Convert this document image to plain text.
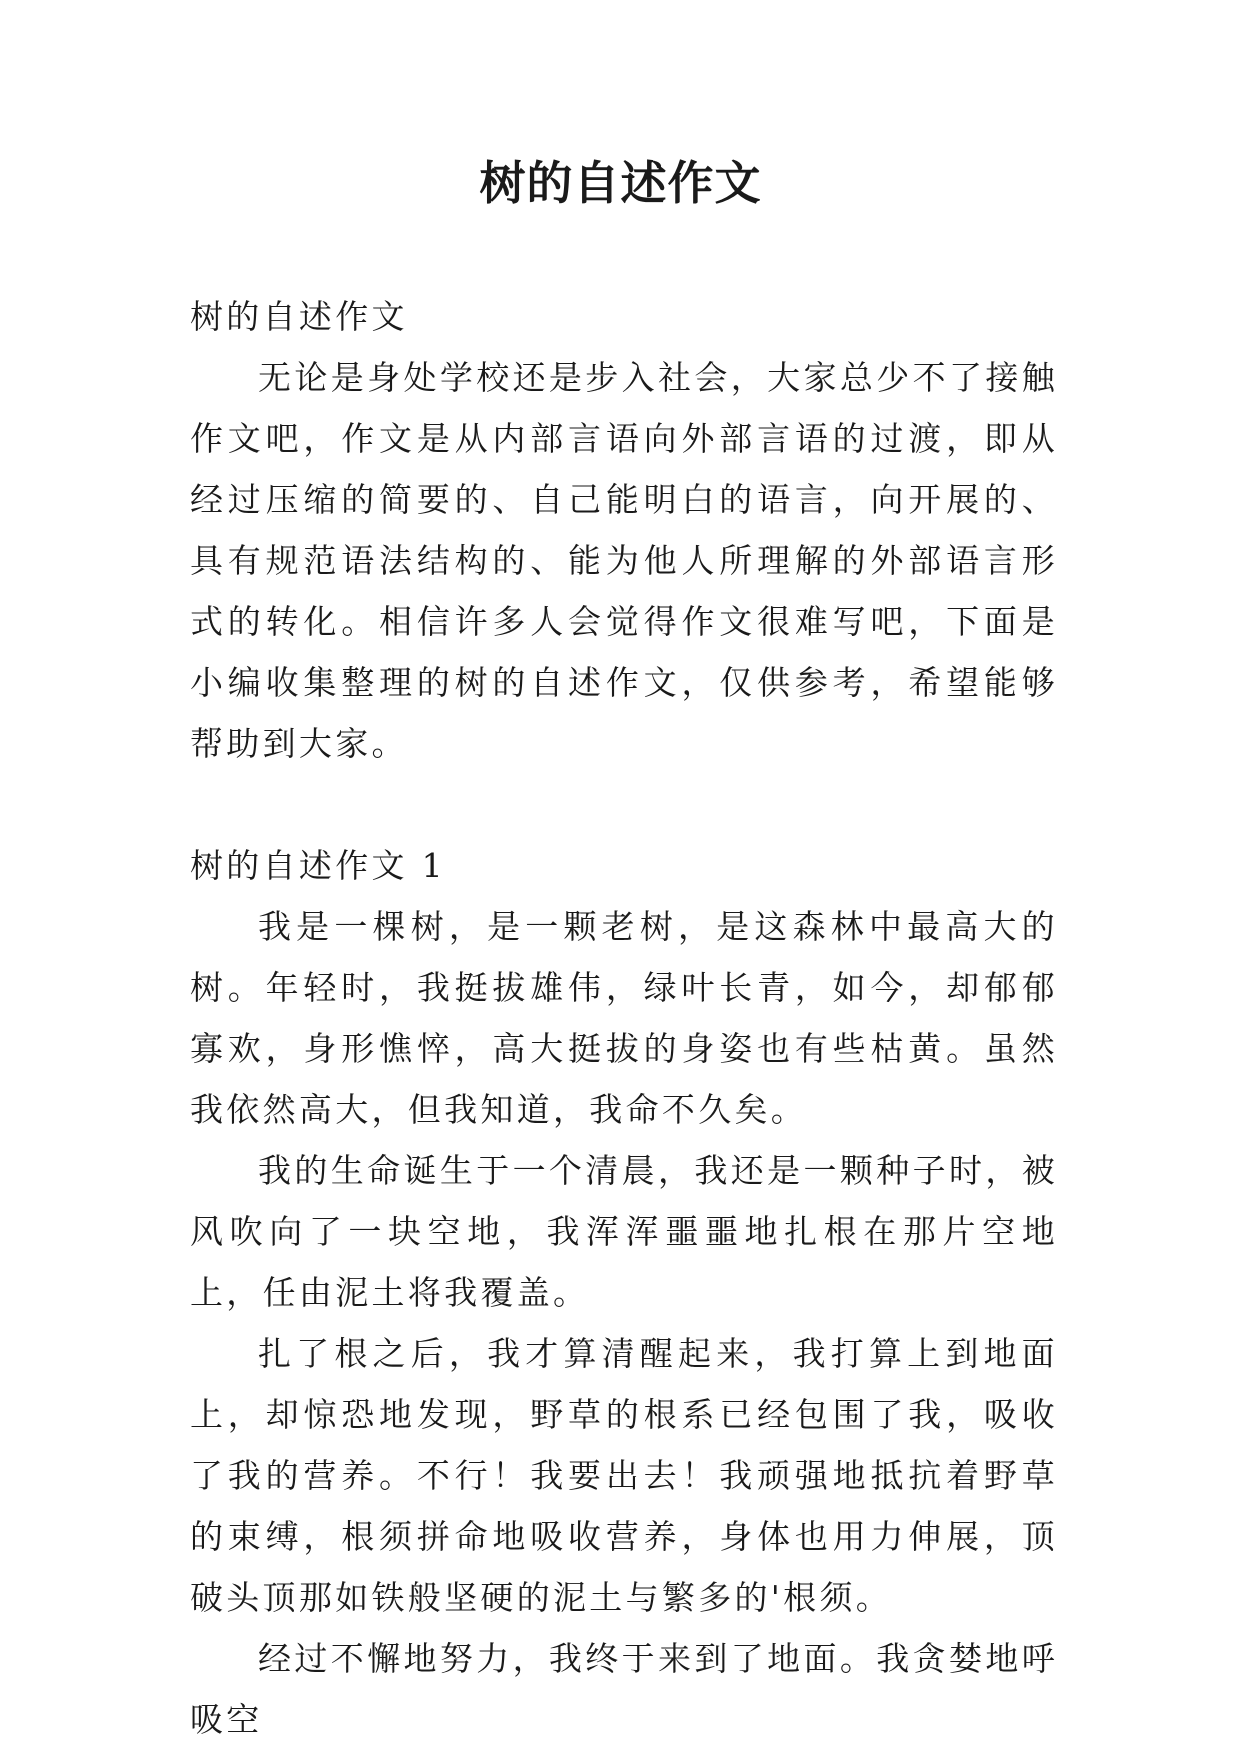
树的自述作文

树的自述作文

无论是身处学校还是步入社会，大家总少不了接触作文吧，作文是从内部言语向外部言语的过渡，即从经过压缩的简要的、自己能明白的语言，向开展的、具有规范语法结构的、能为他人所理解的外部语言形式的转化。相信许多人会觉得作文很难写吧，下面是小编收集整理的树的自述作文，仅供参考，希望能够帮助到大家。

树的自述作文 1

我是一棵树，是一颗老树，是这森林中最高大的树。年轻时，我挺拔雄伟，绿叶长青，如今，却郁郁寡欢，身形憔悴，高大挺拔的身姿也有些枯黄。虽然我依然高大，但我知道，我命不久矣。

我的生命诞生于一个清晨，我还是一颗种子时，被风吹向了一块空地，我浑浑噩噩地扎根在那片空地上，任由泥土将我覆盖。

扎了根之后，我才算清醒起来，我打算上到地面上，却惊恐地发现，野草的根系已经包围了我，吸收了我的营养。不行！我要出去！我顽强地抵抗着野草的束缚，根须拼命地吸收营养，身体也用力伸展，顶破头顶那如铁般坚硬的泥土与繁多的'根须。

经过不懈地努力，我终于来到了地面。我贪婪地呼吸空
